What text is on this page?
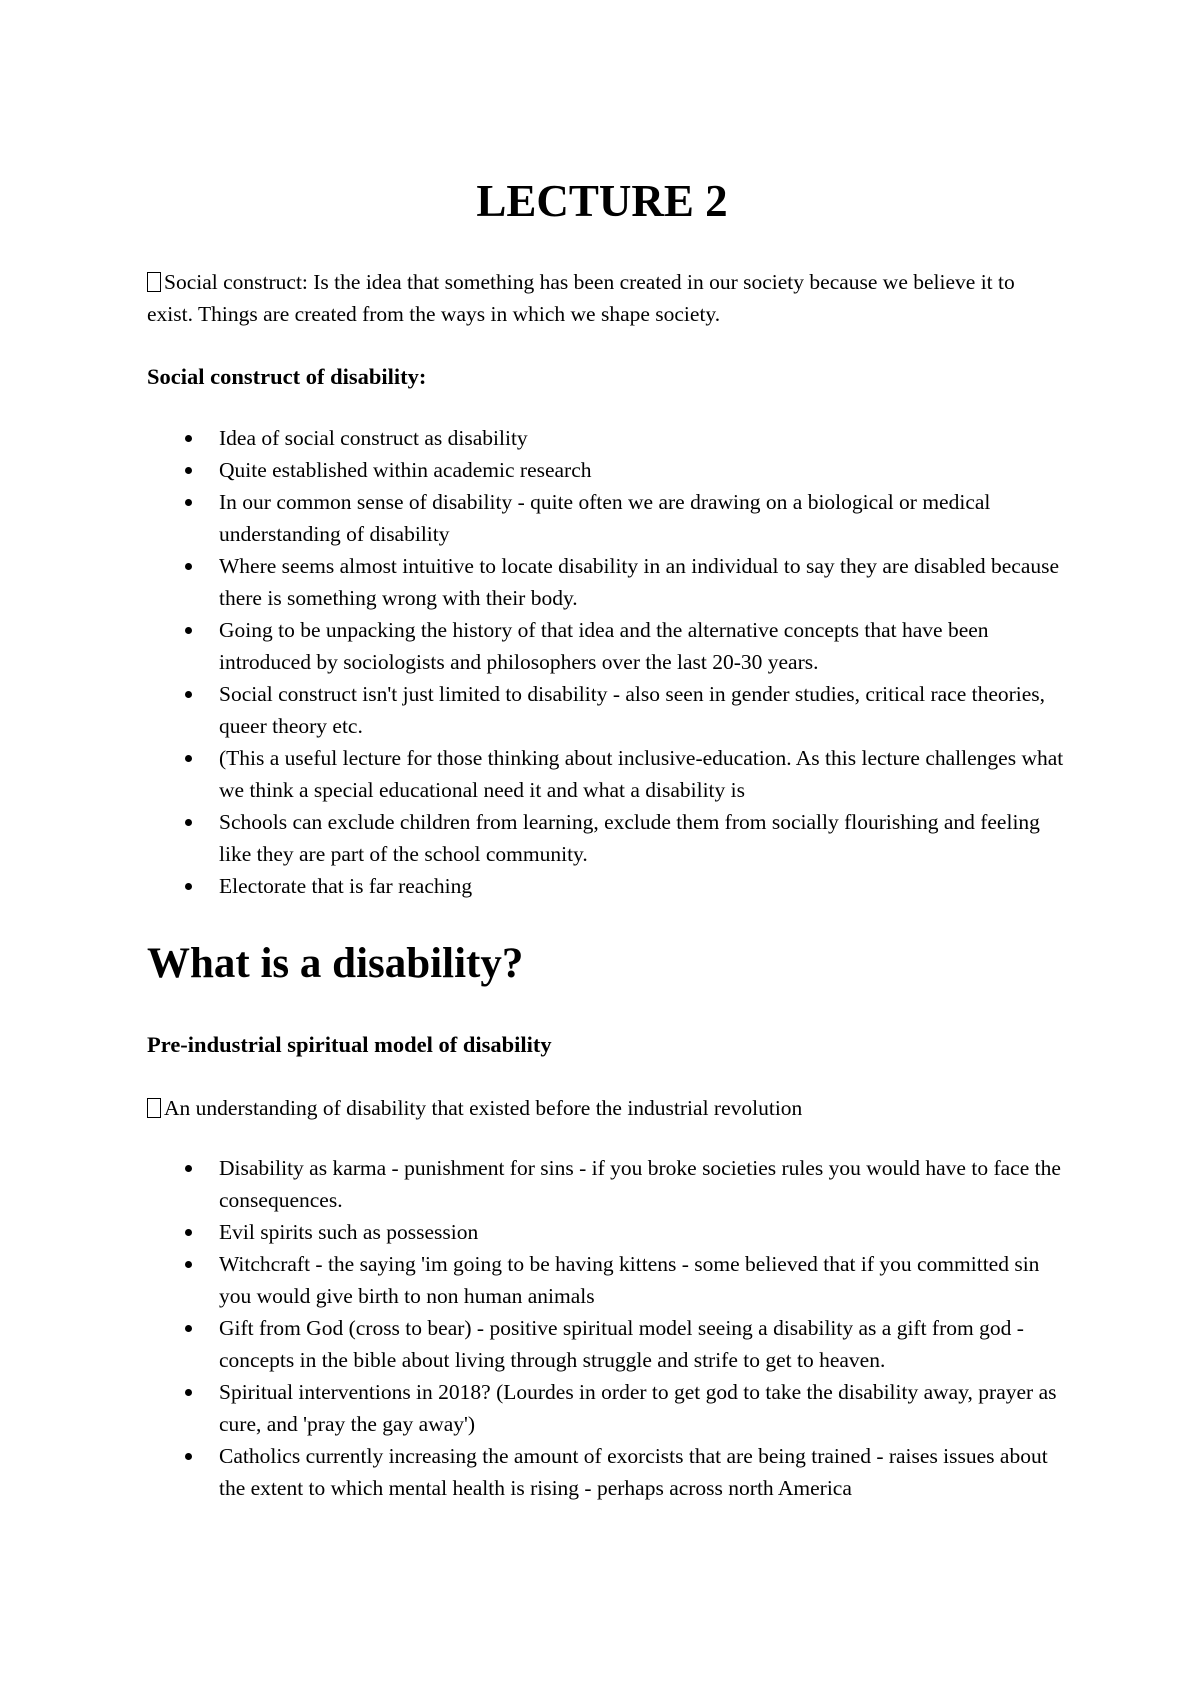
LECTURE 2

Social construct: Is the idea that something has been created in our society because we believe it to exist. Things are created from the ways in which we shape society.

Social construct of disability:
Idea of social construct as disability
Quite established within academic research
In our common sense of disability - quite often we are drawing on a biological or medical understanding of disability
Where seems almost intuitive to locate disability in an individual to say they are disabled because there is something wrong with their body.
Going to be unpacking the history of that idea and the alternative concepts that have been introduced by sociologists and philosophers over the last 20-30 years.
Social construct isn't just limited to disability - also seen in gender studies, critical race theories, queer theory etc.
(This a useful lecture for those thinking about inclusive-education. As this lecture challenges what we think a special educational need it and what a disability is
Schools can exclude children from learning, exclude them from socially flourishing and feeling like they are part of the school community.
Electorate that is far reaching
What is a disability?
Pre-industrial spiritual model of disability

An understanding of disability that existed before the industrial revolution

Disability as karma - punishment for sins - if you broke societies rules you would have to face the consequences.
Evil spirits such as possession
Witchcraft - the saying 'im going to be having kittens - some believed that if you committed sin you would give birth to non human animals
Gift from God (cross to bear) - positive spiritual model seeing a disability as a gift from god - concepts in the bible about living through struggle and strife to get to heaven.
Spiritual interventions in 2018? (Lourdes in order to get god to take the disability away, prayer as cure, and 'pray the gay away')
Catholics currently increasing the amount of exorcists that are being trained - raises issues about the extent to which mental health is rising - perhaps across north America
